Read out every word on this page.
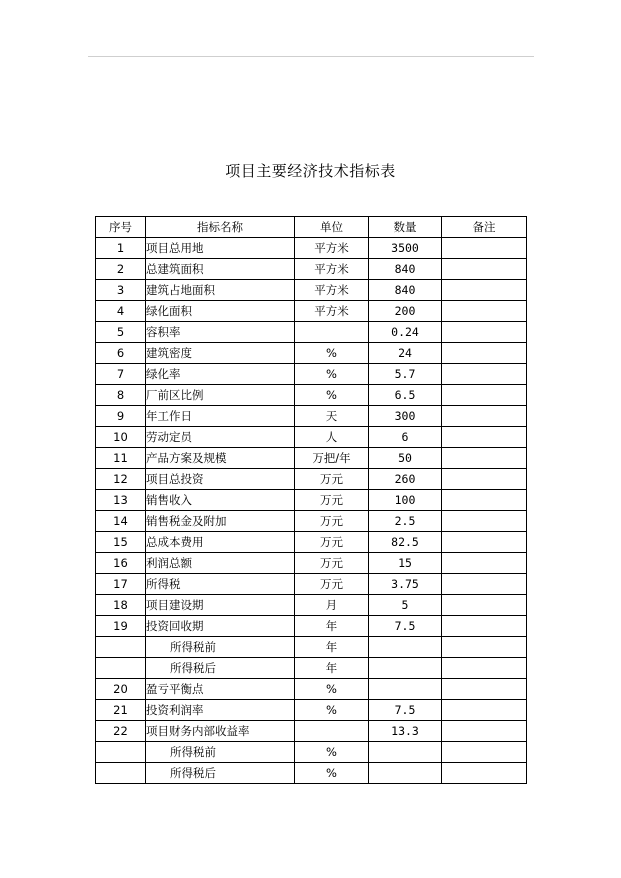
项目主要经济技术指标表
序号	指标名称	单位	数量	备注
1	项目总用地	平方米	3500	
2	总建筑面积	平方米	840	
3	建筑占地面积	平方米	840	
4	绿化面积	平方米	200	
5	容积率		0.24	
6	建筑密度	%	24	
7	绿化率	%	5.7	
8	厂前区比例	%	6.5	
9	年工作日	天	300	
10	劳动定员	人	6	
11	产品方案及规模	万把/年	50	
12	项目总投资	万元	260	
13	销售收入	万元	100	
14	销售税金及附加	万元	2.5	
15	总成本费用	万元	82.5	
16	利润总额	万元	15	
17	所得税	万元	3.75	
18	项目建设期	月	5	
19	投资回收期	年	7.5	
	所得税前	年		
	所得税后	年		
20	盈亏平衡点	%		
21	投资利润率	%	7.5	
22	项目财务内部收益率		13.3	
	所得税前	%		
	所得税后	%		
